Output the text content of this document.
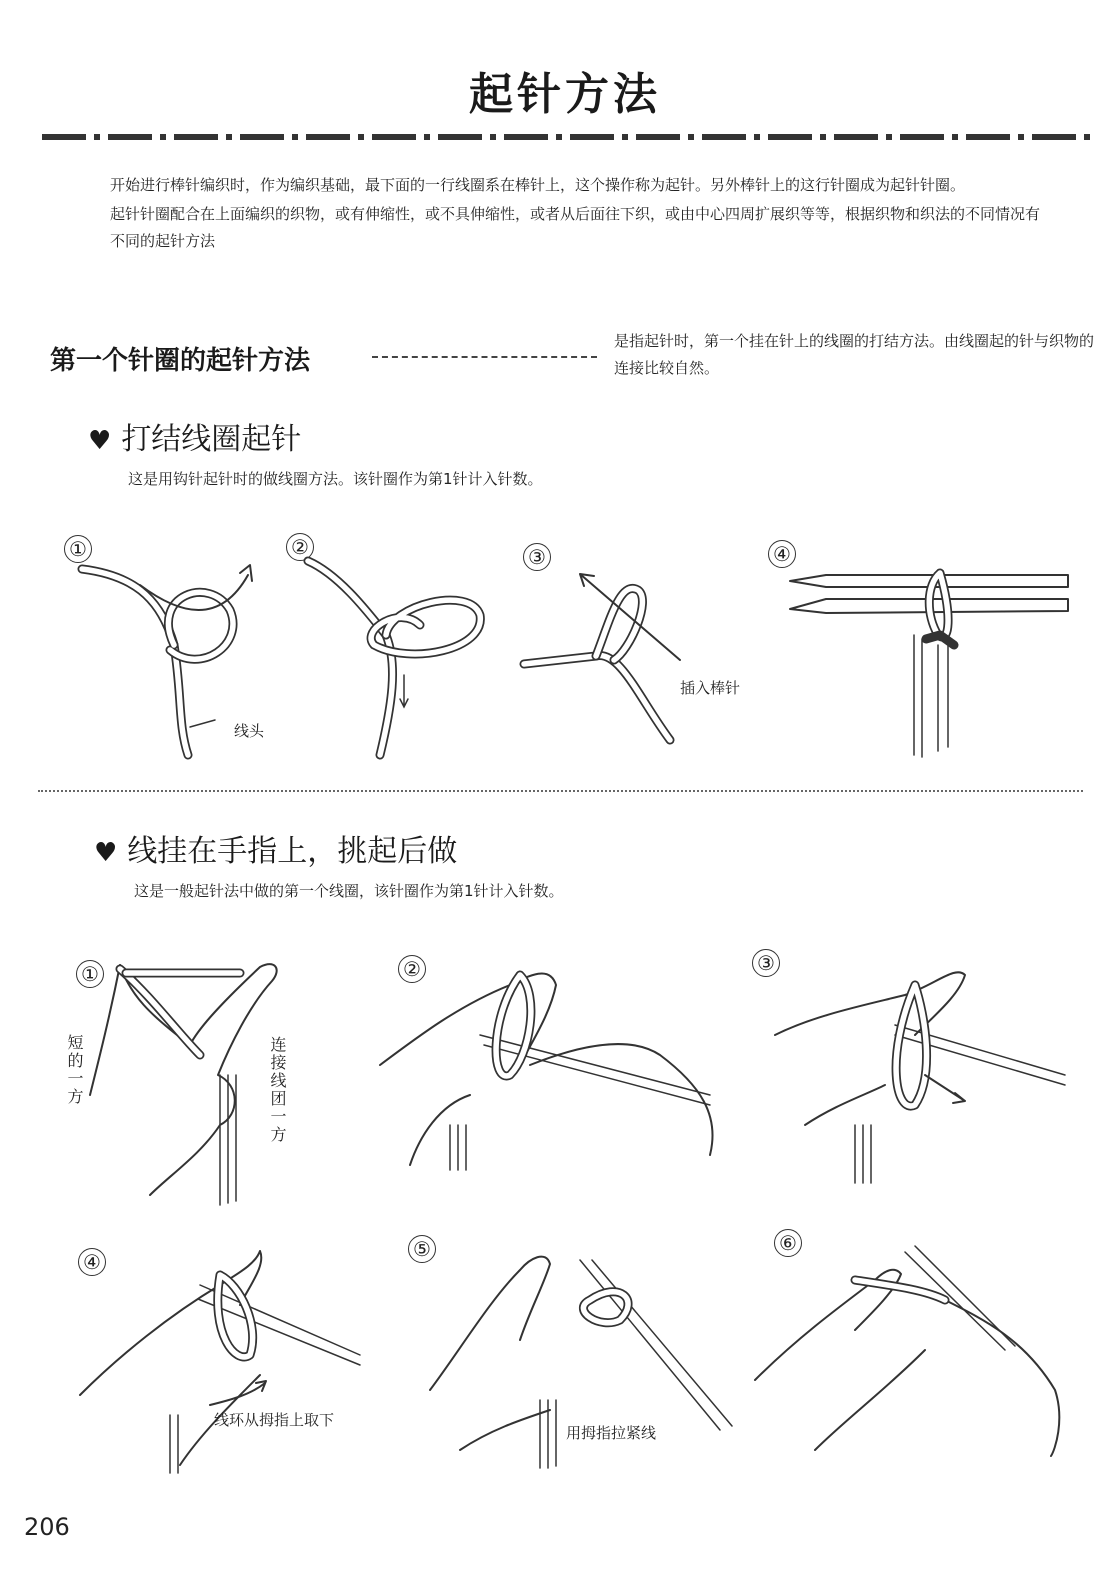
起针方法

开始进行棒针编织时，作为编织基础，最下面的一行线圈系在棒针上，这个操作称为起针。另外棒针上的这行针圈成为起针针圈。

起针针圈配合在上面编织的织物，或有伸缩性，或不具伸缩性，或者从后面往下织，或由中心四周扩展织等等，根据织物和织法的不同情况有不同的起针方法

第一个针圈的起针方法
是指起针时，第一个挂在针上的线圈的打结方法。由线圈起的针与织物的连接比较自然。
♥ 打结线圈起针
这是用钩针起针时的做线圈方法。该针圈作为第1针计入针数。
①	②	③	④
线头
插入棒针
♥ 线挂在手指上，挑起后做
这是一般起针法中做的第一个线圈，该针圈作为第1针计入针数。
①	②	③
④
⑤	⑥
短的一方	连接线团一方
线环从拇指上取下
用拇指拉紧线
206
